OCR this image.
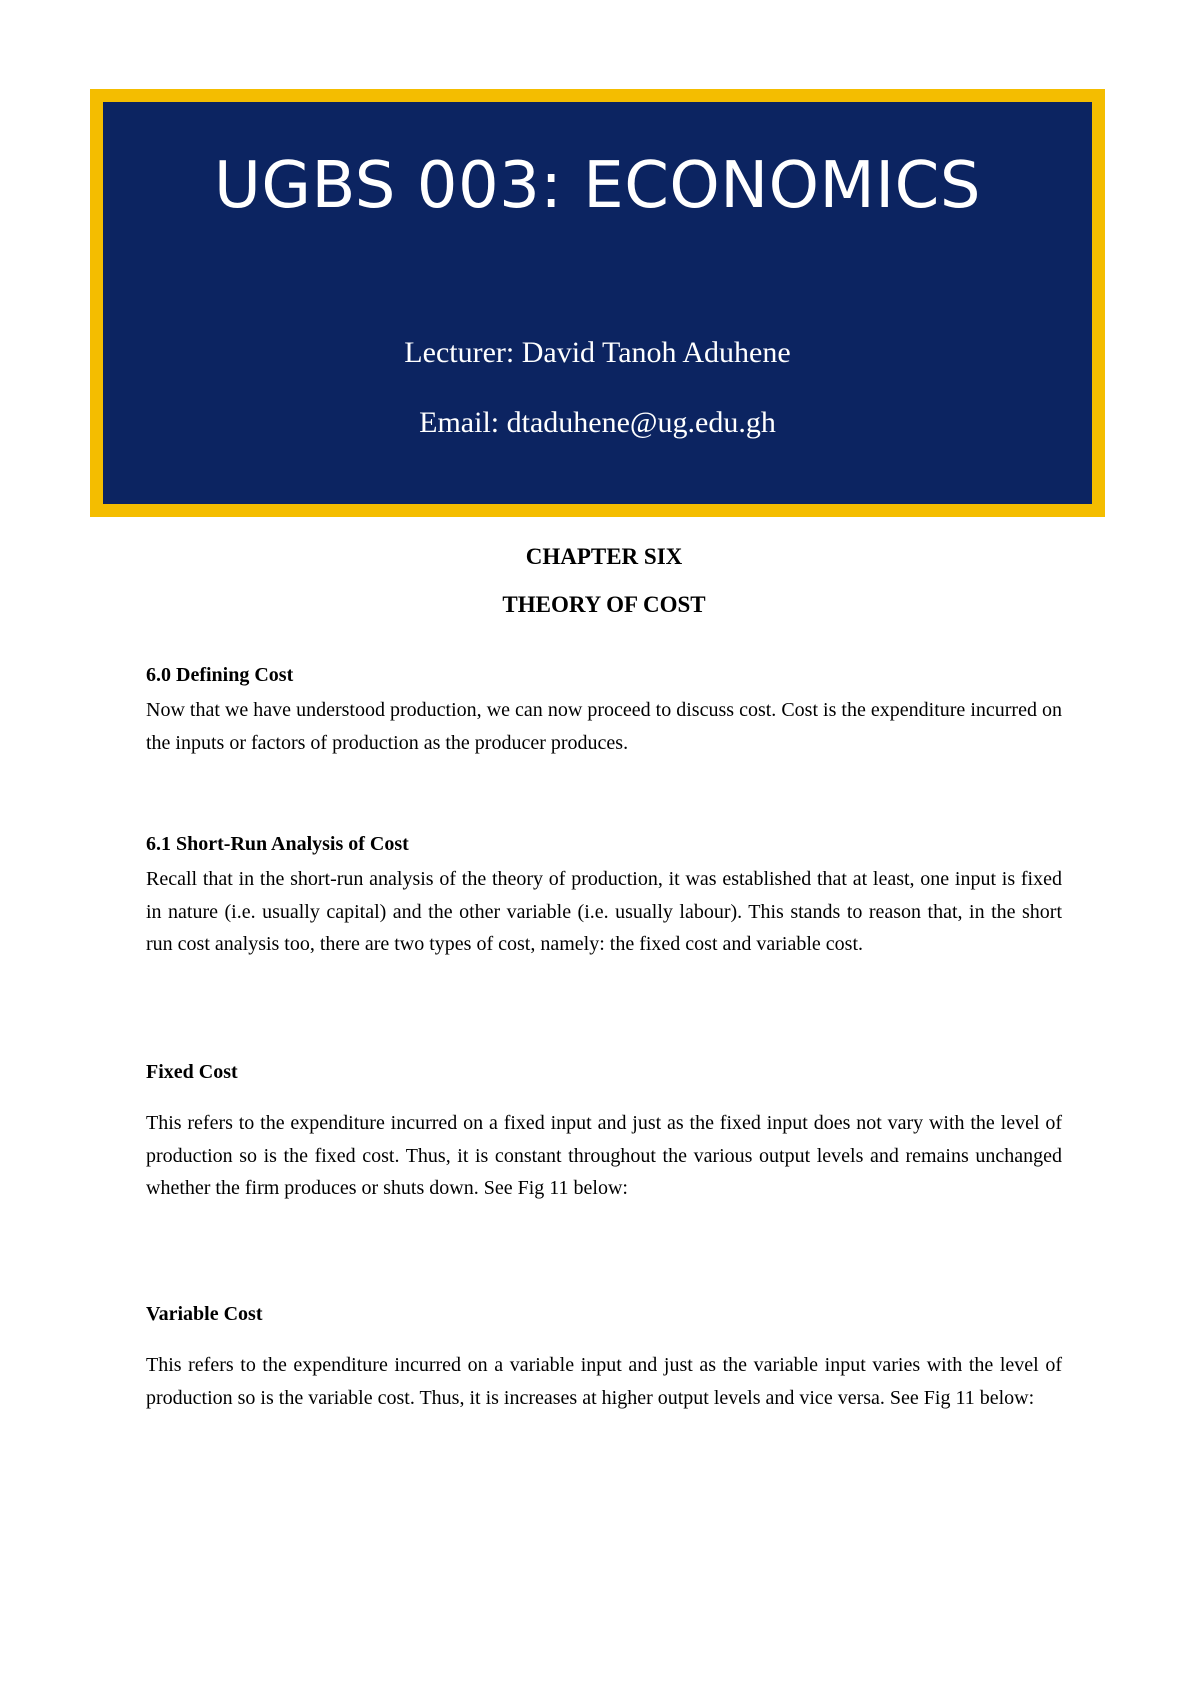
UGBS 003: ECONOMICS
Lecturer: David Tanoh Aduhene
Email: dtaduhene@ug.edu.gh
CHAPTER SIX
THEORY OF COST
6.0 Defining Cost
Now that we have understood production, we can now proceed to discuss cost. Cost is the expenditure incurred on the inputs or factors of production as the producer produces.
6.1 Short-Run Analysis of Cost
Recall that in the short-run analysis of the theory of production, it was established that at least, one input is fixed in nature (i.e. usually capital) and the other variable (i.e. usually labour). This stands to reason that, in the short run cost analysis too, there are two types of cost, namely: the fixed cost and variable cost.
Fixed Cost
This refers to the expenditure incurred on a fixed input and just as the fixed input does not vary with the level of production so is the fixed cost. Thus, it is constant throughout the various output levels and remains unchanged whether the firm produces or shuts down. See Fig 11 below:
Variable Cost
This refers to the expenditure incurred on a variable input and just as the variable input varies with the level of production so is the variable cost. Thus, it is increases at higher output levels and vice versa. See Fig 11 below:
